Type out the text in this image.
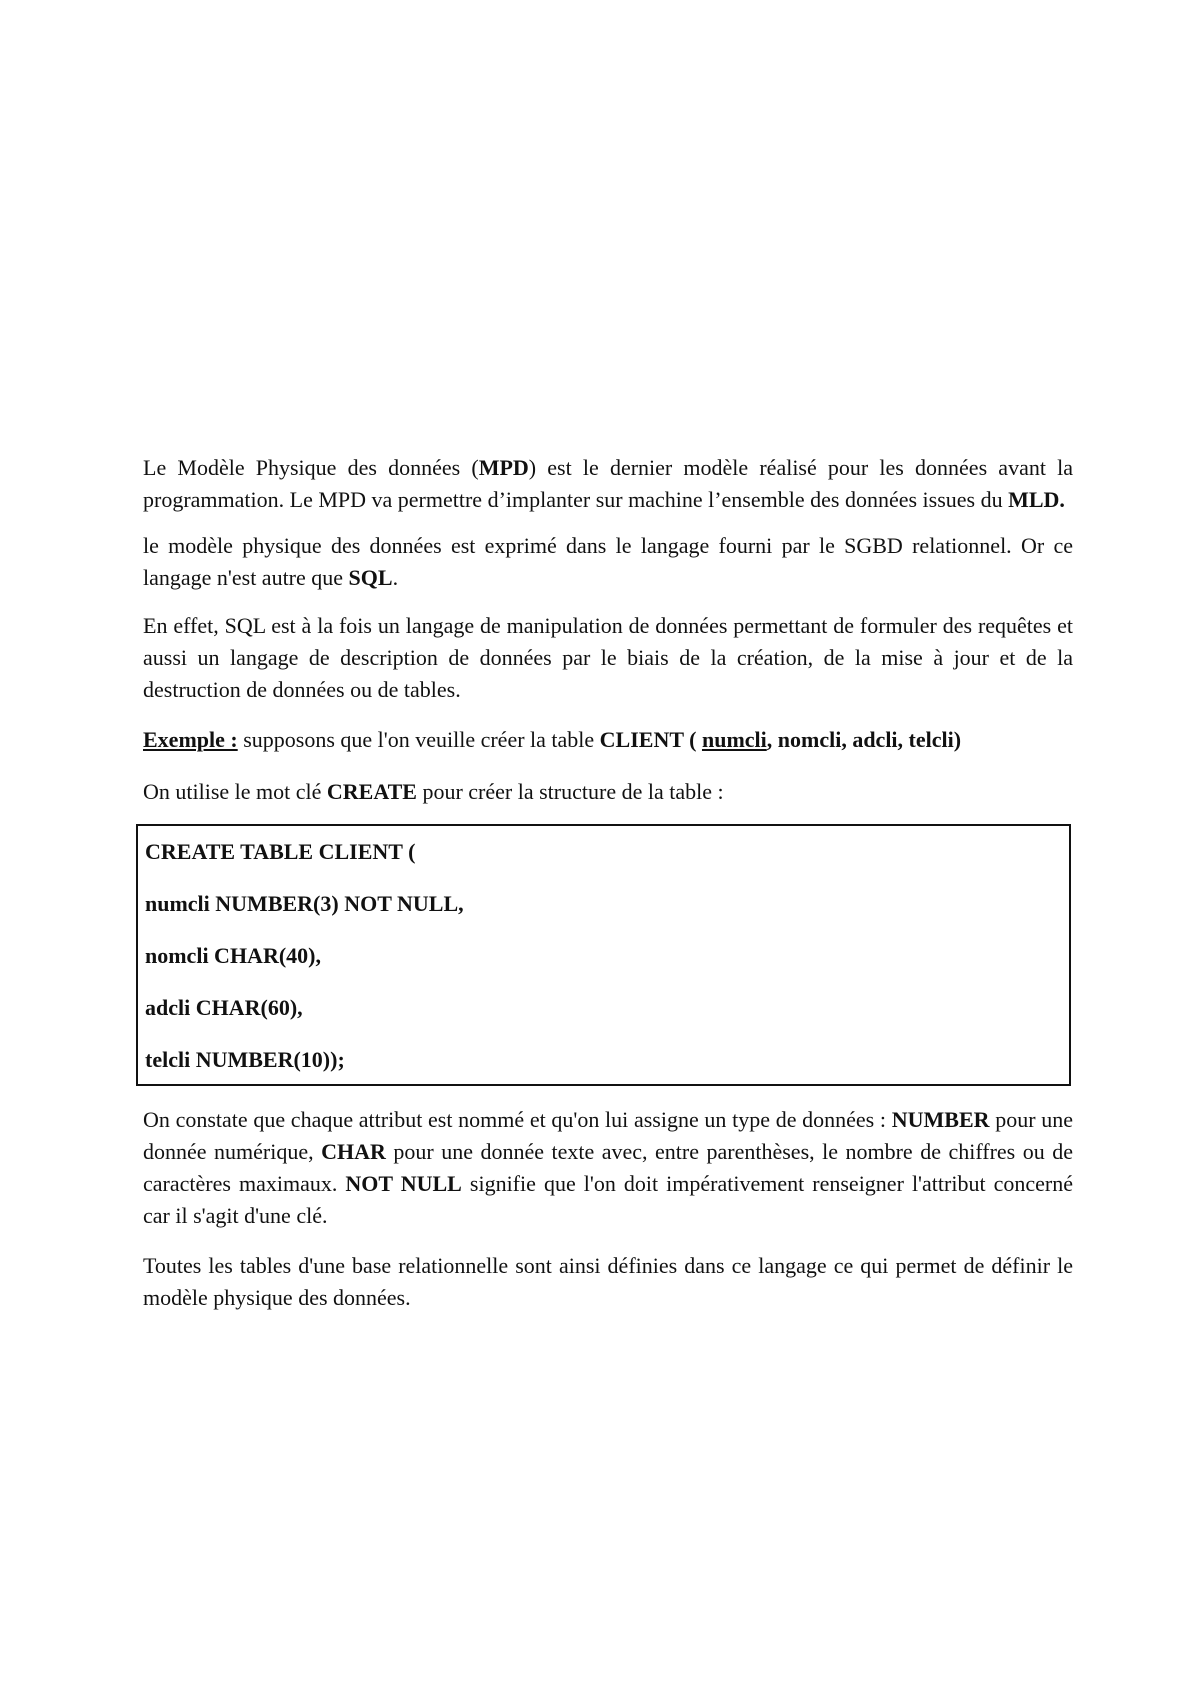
Le Modèle Physique des données (MPD) est le dernier modèle réalisé pour les données avant la programmation. Le MPD va permettre d’implanter sur machine l’ensemble des données issues du MLD.

le modèle physique des données est exprimé dans le langage fourni par le SGBD relationnel. Or ce langage n'est autre que SQL.

En effet, SQL est à la fois un langage de manipulation de données permettant de formuler des requêtes et aussi un langage de description de données par le biais de la création, de la mise à jour et de la destruction de données ou de tables.

Exemple : supposons que l'on veuille créer la table CLIENT ( numcli, nomcli, adcli, telcli)

On utilise le mot clé CREATE pour créer la structure de la table :

CREATE TABLE CLIENT (
numcli NUMBER(3) NOT NULL,
nomcli CHAR(40),
adcli CHAR(60),
telcli NUMBER(10));

On constate que chaque attribut est nommé et qu'on lui assigne un type de données : NUMBER pour une donnée numérique, CHAR pour une donnée texte avec, entre parenthèses, le nombre de chiffres ou de caractères maximaux. NOT NULL signifie que l'on doit impérativement renseigner l'attribut concerné car il s'agit d'une clé.

Toutes les tables d'une base relationnelle sont ainsi définies dans ce langage ce qui permet de définir le modèle physique des données.
